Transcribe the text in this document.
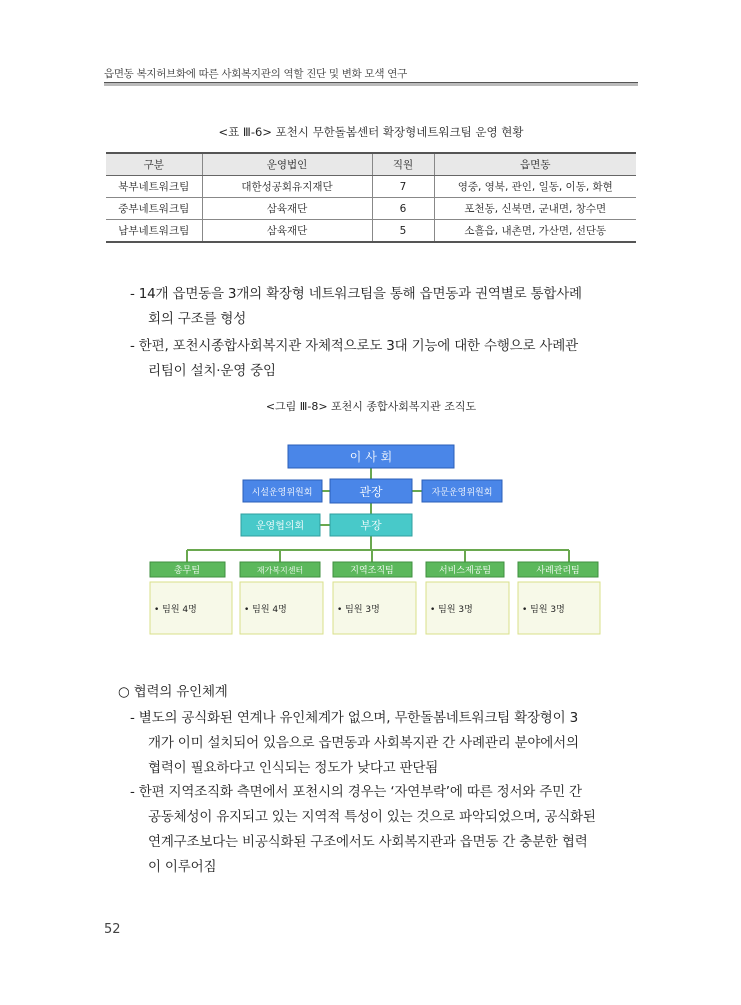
읍면동 복지허브화에 따른 사회복지관의 역할 진단 및 변화 모색 연구
<표 Ⅲ-6> 포천시 무한돌봄센터 확장형네트워크팀 운영 현황
구분	운영법인	직원	읍면동
북부네트워크팀	대한성공회유지재단	7	영중, 영북, 관인, 일동, 이동, 화현
중부네트워크팀	삼육재단	6	포천동, 신북면, 군내면, 창수면
남부네트워크팀	삼육재단	5	소흘읍, 내촌면, 가산면, 선단동
- 14개 읍면동을 3개의 확장형 네트워크팀을 통해 읍면동과 권역별로 통합사례
회의 구조를 형성
- 한편, 포천시종합사회복지관 자체적으로도 3대 기능에 대한 수행으로 사례관
리팀이 설치·운영 중임
<그림 Ⅲ-8> 포천시 종합사회복지관 조직도
이 사 회
시설운영위원회	관장	자문운영위원회
운영협의회	부장
총무팀
• 팀원 4명
재가복지센터
• 팀원 4명
지역조직팀
• 팀원 3명
서비스제공팀
• 팀원 3명
사례관리팀
• 팀원 3명
○ 협력의 유인체계
- 별도의 공식화된 연계나 유인체계가 없으며, 무한돌봄네트워크팀 확장형이 3
개가 이미 설치되어 있음으로 읍면동과 사회복지관 간 사례관리 분야에서의
협력이 필요하다고 인식되는 정도가 낮다고 판단됨
- 한편 지역조직화 측면에서 포천시의 경우는 ‘자연부락’에 따른 정서와 주민 간
공동체성이 유지되고 있는 지역적 특성이 있는 것으로 파악되었으며, 공식화된
연계구조보다는 비공식화된 구조에서도 사회복지관과 읍면동 간 충분한 협력
이 이루어짐
52
